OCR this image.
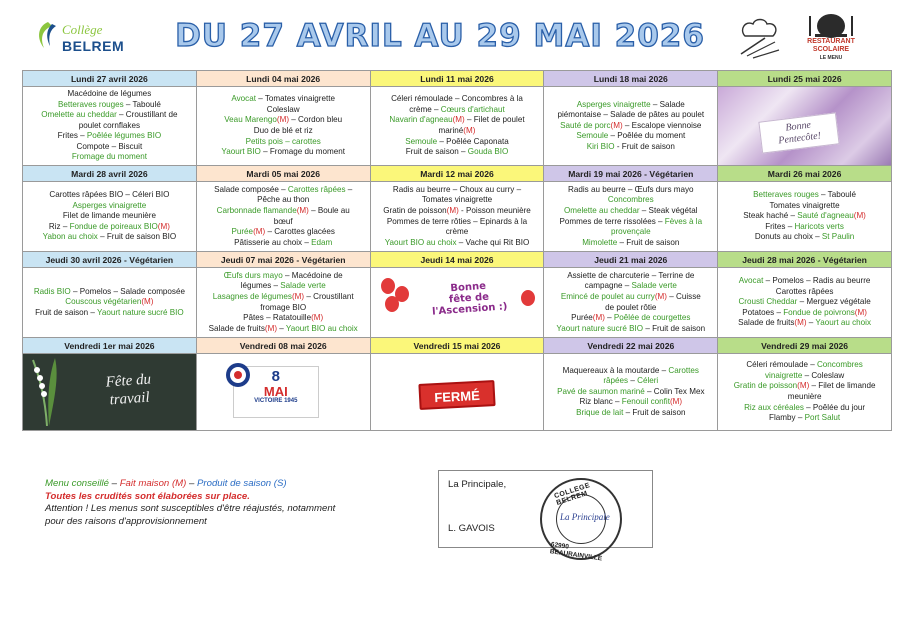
Collège
BELREM	DU 27 AVRIL AU 29 MAI 2026	RESTAURANT
SCOLAIRE
LE MENU
Lundi 27 avril 2026
Macédoine de légumes
Betteraves rouges – Taboulé
Omelette au cheddar – Croustillant de
poulet cornflakes
Frites – Poêlée légumes BIO
Compote – Biscuit
Fromage du moment
Lundi 04 mai 2026
Avocat – Tomates vinaigrette
Coleslaw
Veau Marengo(M) – Cordon bleu
Duo de blé et riz
Petits pois – carottes
Yaourt BIO – Fromage du moment
Lundi 11 mai 2026
Céleri rémoulade – Concombres à la
crème – Cœurs d'artichaut
Navarin d'agneau(M) – Filet de poulet
mariné(M)
Semoule – Poêlée Caponata
Fruit de saison – Gouda BIO
Lundi 18 mai 2026
Asperges vinaigrette – Salade
piémontaise – Salade de pâtes au poulet
Sauté de porc(M) – Escalope viennoise
Semoule – Poêlée du moment
Kiri BIO - Fruit de saison
Lundi 25 mai 2026
Bonne
Pentecôte!
Mardi 28 avril 2026
Carottes râpées BIO – Céleri BIO
Asperges vinaigrette
Filet de limande meunière
Riz – Fondue de poireaux BIO(M)
Yabon au choix – Fruit de saison BIO
Mardi 05 mai 2026
Salade composée – Carottes râpées –
Pêche au thon
Carbonnade flamande(M) – Boule au
bœuf
Purée(M) – Carottes glacées
Pâtisserie au choix – Edam
Mardi 12 mai 2026
Radis au beurre – Choux au curry –
Tomates vinaigrette
Gratin de poisson(M) - Poisson meunière
Pommes de terre rôties – Epinards à la
crème
Yaourt BIO au choix – Vache qui Rit BIO
Mardi 19 mai 2026 - Végétarien
Radis au beurre – Œufs durs mayo
Concombres
Omelette au cheddar – Steak végétal
Pommes de terre rissolées – Fèves à la
provençale
Mimolette – Fruit de saison
Mardi 26 mai 2026
Betteraves rouges – Taboulé
Tomates vinaigrette
Steak haché – Sauté d'agneau(M)
Frites – Haricots verts
Donuts au choix – St Paulin
Jeudi 30 avril 2026 - Végétarien
Radis BIO – Pomelos – Salade composée
Couscous végétarien(M)
Fruit de saison – Yaourt nature sucré BIO
Jeudi 07 mai 2026 - Végétarien
Œufs durs mayo – Macédoine de
légumes – Salade verte
Lasagnes de légumes(M) – Croustillant
fromage BIO
Pâtes – Ratatouille(M)
Salade de fruits(M) – Yaourt BIO au choix
Jeudi 14 mai 2026
Bonne
fête de
l'Ascension :)
Jeudi 21 mai 2026
Assiette de charcuterie – Terrine de
campagne – Salade verte
Emincé de poulet au curry(M) – Cuisse
de poulet rôtie
Purée(M) – Poêlée de courgettes
Yaourt nature sucré BIO – Fruit de saison
Jeudi 28 mai 2026 - Végétarien
Avocat – Pomelos – Radis au beurre
Carottes râpées
Crousti Cheddar – Merguez végétale
Potatoes – Fondue de poivrons(M)
Salade de fruits(M) – Yaourt au choix
Vendredi 1er mai 2026
Fête du
travail
Vendredi 08 mai 2026
8
MAI
VICTOIRE 1945
Vendredi 15 mai 2026
FERMÉ
Vendredi 22 mai 2026
Maquereaux à la moutarde – Carottes
râpées – Céleri
Pavé de saumon mariné – Colin Tex Mex
Riz blanc – Fenouil confit(M)
Brique de lait – Fruit de saison
Vendredi 29 mai 2026
Céleri rémoulade – Concombres
vinaigrette – Coleslaw
Gratin de poisson(M) – Filet de limande
meunière
Riz aux céréales – Poêlée du jour
Flamby – Port Salut
Menu conseillé – Fait maison (M) – Produit de saison (S)
Toutes les crudités sont élaborées sur place.
Attention ! Les menus sont susceptibles d'être réajustés, notamment
pour des raisons d'approvisionnement
La Principale,
L. GAVOIS
COLLEGE BELREM
La Principale
62990 BEAURAINVILLE
